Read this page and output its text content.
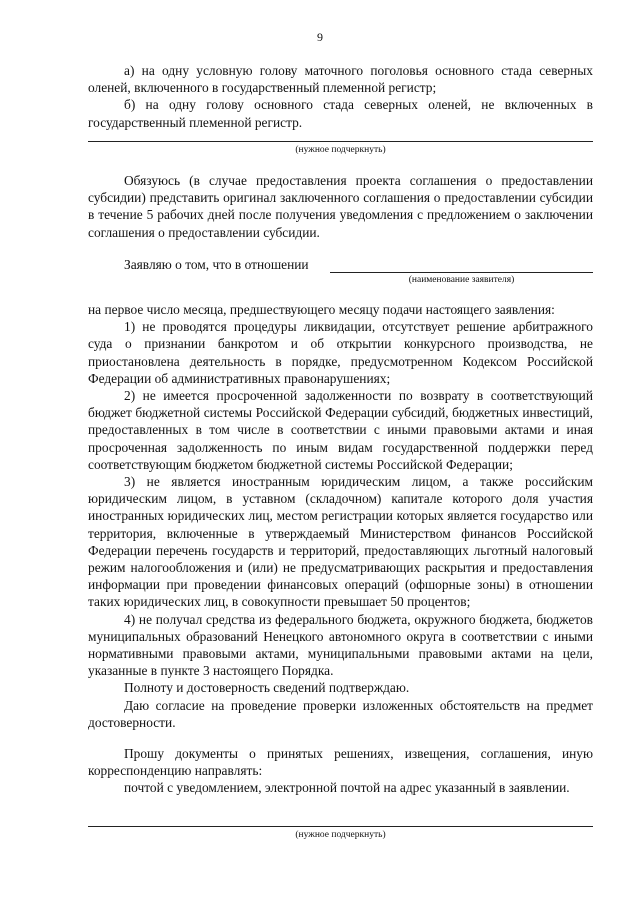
9

а) на одну условную голову маточного поголовья основного стада северных оленей, включенного в государственный племенной регистр;

б) на одну голову основного стада северных оленей, не включенных в государственный племенной регистр.

(нужное подчеркнуть)

Обязуюсь (в случае предоставления проекта соглашения о предоставлении субсидии) представить оригинал заключенного соглашения о предоставлении субсидии в течение 5 рабочих дней после получения уведомления с предложением о заключении соглашения о предоставлении субсидии.

Заявляю о том, что в отношении
(наименование заявителя)

на первое число месяца, предшествующего месяцу подачи настоящего заявления:

1) не проводятся процедуры ликвидации, отсутствует решение арбитражного суда о признании банкротом и об открытии конкурсного производства, не приостановлена деятельность в порядке, предусмотренном Кодексом Российской Федерации об административных правонарушениях;

2) не имеется просроченной задолженности по возврату в соответствующий бюджет бюджетной системы Российской Федерации субсидий, бюджетных инвестиций, предоставленных в том числе в соответствии с иными правовыми актами и иная просроченная задолженность по иным видам государственной поддержки перед соответствующим бюджетом бюджетной системы Российской Федерации;

3) не является иностранным юридическим лицом, а также российским юридическим лицом, в уставном (складочном) капитале которого доля участия иностранных юридических лиц, местом регистрации которых является государство или территория, включенные в утверждаемый Министерством финансов Российской Федерации перечень государств и территорий, предоставляющих льготный налоговый режим налогообложения и (или) не предусматривающих раскрытия и предоставления информации при проведении финансовых операций (офшорные зоны) в отношении таких юридических лиц, в совокупности превышает 50 процентов;

4) не получал средства из федерального бюджета, окружного бюджета, бюджетов муниципальных образований Ненецкого автономного округа в соответствии с иными нормативными правовыми актами, муниципальными правовыми актами на цели, указанные в пункте 3 настоящего Порядка.

Полноту и достоверность сведений подтверждаю.

Даю согласие на проведение проверки изложенных обстоятельств на предмет достоверности.

Прошу документы о принятых решениях, извещения, соглашения, иную корреспонденцию направлять:

почтой с уведомлением, электронной почтой на адрес указанный в заявлении.

(нужное подчеркнуть)
